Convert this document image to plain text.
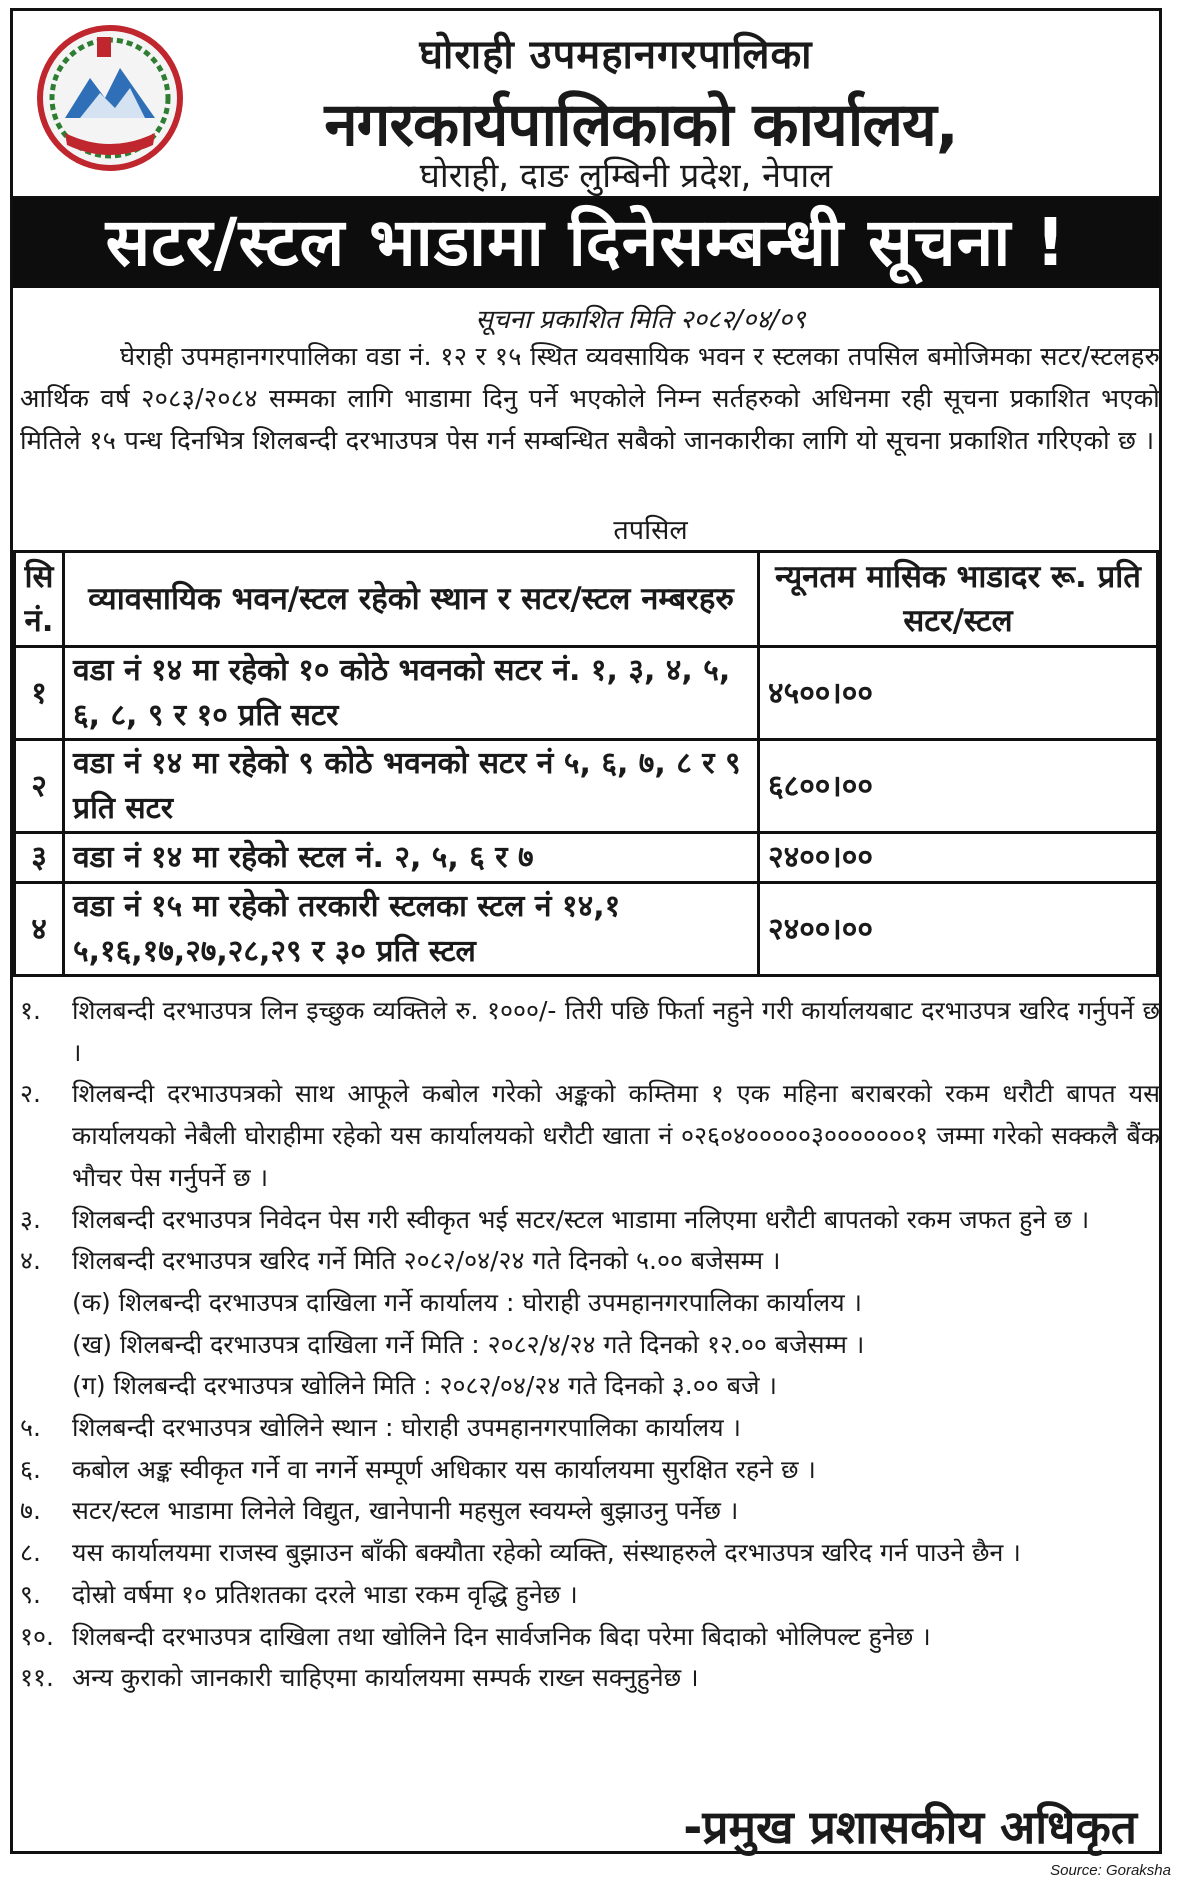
घोराही उपमहानगरपालिका
नगरकार्यपालिकाको कार्यालय,
घोराही, दाङ लुम्बिनी प्रदेश, नेपाल
सटर/स्टल भाडामा दिनेसम्बन्धी सूचना !
सूचना प्रकाशित मिति २०८२/०४/०९
घेराही उपमहानगरपालिका वडा नं. १२ र १५ स्थित व्यवसायिक भवन र स्टलका तपसिल बमोजिमका सटर/स्टलहरु आर्थिक वर्ष २०८३/२०८४ सम्मका लागि भाडामा दिनु पर्ने भएकोले निम्न सर्तहरुको अधिनमा रही सूचना प्रकाशित भएको मितिले १५ पन्ध दिनभित्र शिलबन्दी दरभाउपत्र पेस गर्न सम्बन्धित सबैको जानकारीका लागि यो सूचना प्रकाशित गरिएको छ ।
तपसिल
सि नं.	व्यावसायिक भवन/स्टल रहेको स्थान र सटर/स्टल नम्बरहरु	न्यूनतम मासिक भाडादर रू. प्रति सटर/स्टल
१	वडा नं १४ मा रहेको १० कोठे भवनको सटर नं. १, ३, ४, ५, ६, ८, ९ र १० प्रति सटर	४५००।००
२	वडा नं १४ मा रहेको ९ कोठे भवनको सटर नं ५, ६, ७, ८ र ९ प्रति सटर	६८००।००
३	वडा नं १४ मा रहेको स्टल नं. २, ५, ६ र ७	२४००।००
४	वडा नं १५ मा रहेको तरकारी स्टलका स्टल नं १४,१ ५,१६,१७,२७,२८,२९ र ३० प्रति स्टल	२४००।००
१.	शिलबन्दी दरभाउपत्र लिन इच्छुक व्यक्तिले रु. १०००/- तिरी पछि फिर्ता नहुने गरी कार्यालयबाट दरभाउपत्र खरिद गर्नुपर्ने छ ।
२.	शिलबन्दी दरभाउपत्रको साथ आफूले कबोल गरेको अङ्कको कम्तिमा १ एक महिना बराबरको रकम धरौटी बापत यस कार्यालयको नेबैली घोराहीमा रहेको यस कार्यालयको धरौटी खाता नं ०२६०४०००००३०००००००१ जम्मा गरेको सक्कलै बैंक भौचर पेस गर्नुपर्ने छ ।
३.	शिलबन्दी दरभाउपत्र निवेदन पेस गरी स्वीकृत भई सटर/स्टल भाडामा नलिएमा धरौटी बापतको रकम जफत हुने छ ।
४.	शिलबन्दी दरभाउपत्र खरिद गर्ने मिति २०८२/०४/२४ गते दिनको ५.०० बजेसम्म ।
(क) शिलबन्दी दरभाउपत्र दाखिला गर्ने कार्यालय : घोराही उपमहानगरपालिका कार्यालय ।
(ख) शिलबन्दी दरभाउपत्र दाखिला गर्ने मिति : २०८२/४/२४ गते दिनको १२.०० बजेसम्म ।
(ग) शिलबन्दी दरभाउपत्र खोलिने मिति : २०८२/०४/२४ गते दिनको ३.०० बजे ।
५.	शिलबन्दी दरभाउपत्र खोलिने स्थान : घोराही उपमहानगरपालिका कार्यालय ।
६.	कबोल अङ्क स्वीकृत गर्ने वा नगर्ने सम्पूर्ण अधिकार यस कार्यालयमा सुरक्षित रहने छ ।
७.	सटर/स्टल भाडामा लिनेले विद्युत, खानेपानी महसुल स्वयम्ले बुझाउनु पर्नेछ ।
८.	यस कार्यालयमा राजस्व बुझाउन बाँकी बक्यौता रहेको व्यक्ति, संस्थाहरुले दरभाउपत्र खरिद गर्न पाउने छैन ।
९.	दोस्रो वर्षमा १० प्रतिशतका दरले भाडा रकम वृद्धि हुनेछ ।
१०. शिलबन्दी दरभाउपत्र दाखिला तथा खोलिने दिन सार्वजनिक बिदा परेमा बिदाको भोलिपल्ट हुनेछ ।
११. अन्य कुराको जानकारी चाहिएमा कार्यालयमा सम्पर्क राख्न सक्नुहुनेछ ।
-प्रमुख प्रशासकीय अधिकृत
Source: Goraksha
